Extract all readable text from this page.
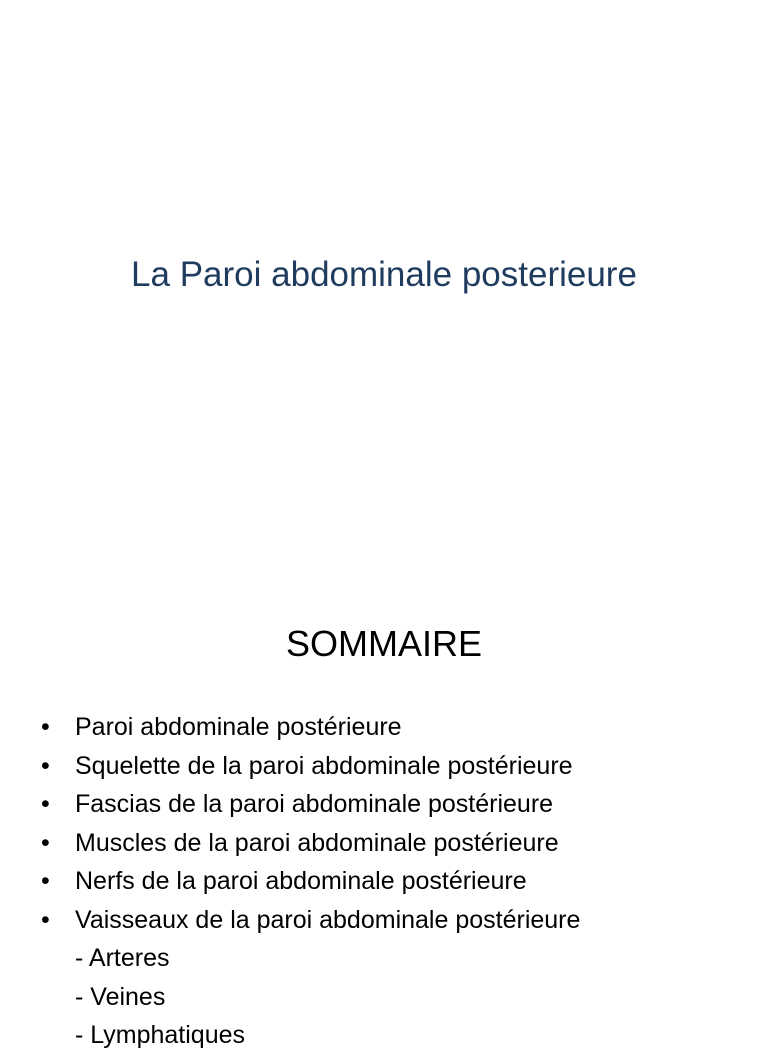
La Paroi abdominale posterieure
SOMMAIRE
•	Paroi abdominale postérieure
•	Squelette de la paroi abdominale postérieure
•	Fascias de la paroi abdominale postérieure
•	Muscles de la paroi abdominale postérieure
•	Nerfs de la paroi abdominale postérieure
•	Vaisseaux de la paroi abdominale postérieure
- Arteres
- Veines
- Lymphatiques
